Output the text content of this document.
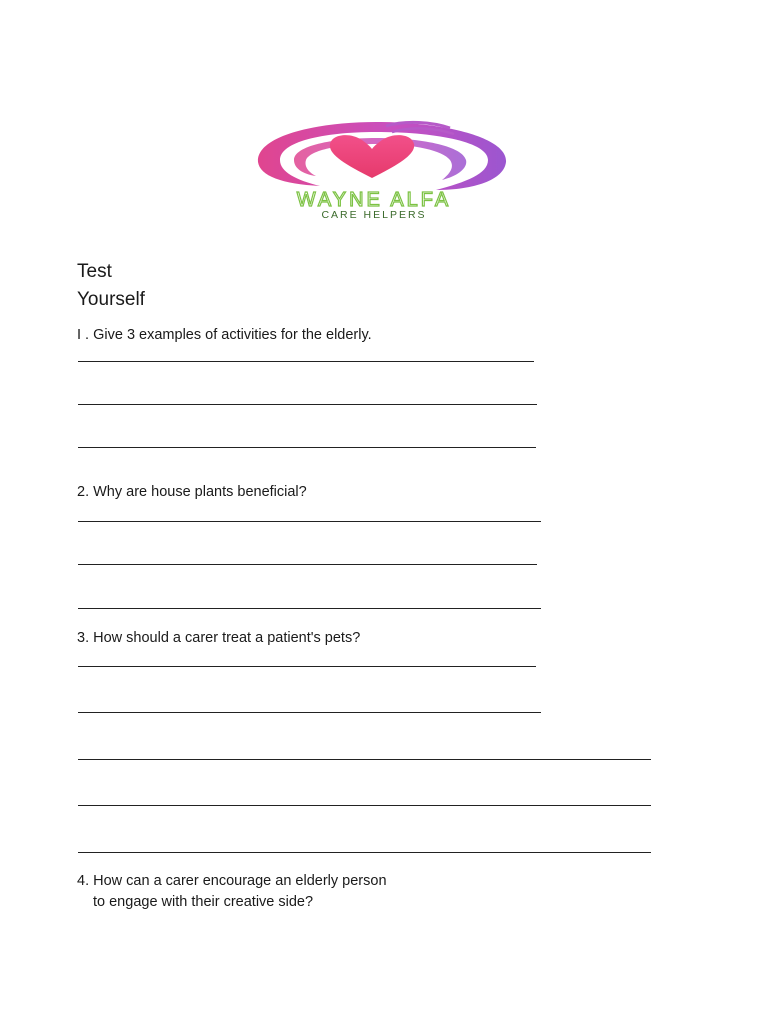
WAYNE ALFA
CARE HELPERS
Test
Yourself
I . Give 3 examples of activities for the elderly.
2. Why are house plants beneficial?
3. How should a carer treat a patient's pets?
4. How can a carer encourage an elderly person
to engage with their creative side?
